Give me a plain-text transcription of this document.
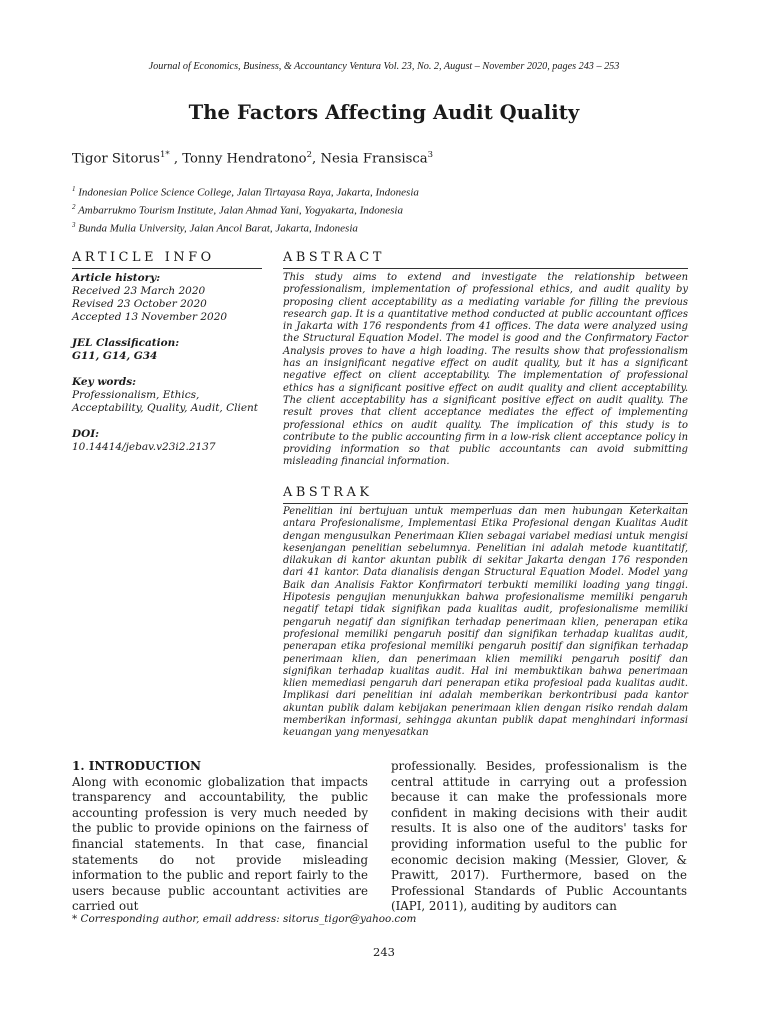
Journal of Economics, Business, & Accountancy Ventura Vol. 23, No. 2, August – November 2020, pages 243 – 253
The Factors Affecting Audit Quality
Tigor Sitorus$^{1*}$ , Tonny Hendratono$^2$, Nesia Fransisca$^3$
$^1$ Indonesian Police Science College, Jalan Tirtayasa Raya, Jakarta, Indonesia
$^2$ Ambarrukmo Tourism Institute, Jalan Ahmad Yani, Yogyakarta, Indonesia
$^3$ Bunda Mulia University, Jalan Ancol Barat, Jakarta, Indonesia
ARTICLE INFO	ABSTRACT
Article history:
Received 23 March 2020
Revised 23 October 2020
Accepted 13 November 2020
JEL Classification:
G11, G14, G34
Key words:
Professionalism, Ethics, Acceptability, Quality, Audit, Client
DOI:
10.14414/jebav.v23i2.2137
This study aims to extend and investigate the relationship between professionalism, implementation of professional ethics, and audit quality by proposing client acceptability as a mediating variable for filling the previous research gap. It is a quantitative method conducted at public accountant offices in Jakarta with 176 respondents from 41 offices. The data were analyzed using the Structural Equation Model. The model is good and the Confirmatory Factor Analysis proves to have a high loading. The results show that professionalism has an insignificant negative effect on audit quality, but it has a significant negative effect on client acceptability. The implementation of professional ethics has a significant positive effect on audit quality and client acceptability. The client acceptability has a significant positive effect on audit quality. The result proves that client acceptance mediates the effect of implementing professional ethics on audit quality. The implication of this study is to contribute to the public accounting firm in a low-risk client acceptance policy in providing information so that public accountants can avoid submitting misleading financial information.
ABSTRAK
Penelitian ini bertujuan untuk memperluas dan men hubungan Keterkaitan antara Profesionalisme, Implementasi Etika Profesional dengan Kualitas Audit dengan mengusulkan Penerimaan Klien sebagai variabel mediasi untuk mengisi kesenjangan penelitian sebelumnya. Penelitian ini adalah metode kuantitatif, dilakukan di kantor akuntan publik di sekitar Jakarta dengan 176 responden dari 41 kantor. Data dianalisis dengan Structural Equation Model. Model yang Baik dan Analisis Faktor Konfirmatori terbukti memiliki loading yang tinggi. Hipotesis pengujian menunjukkan bahwa profesionalisme memiliki pengaruh negatif tetapi tidak signifikan pada kualitas audit, profesionalisme memiliki pengaruh negatif dan signifikan terhadap penerimaan klien, penerapan etika profesional memiliki pengaruh positif dan signifikan terhadap kualitas audit, penerapan etika profesional memiliki pengaruh positif dan signifikan terhadap penerimaan klien, dan penerimaan klien memiliki pengaruh positif dan signifikan terhadap kualitas audit. Hal ini membuktikan bahwa penerimaan klien memediasi pengaruh dari penerapan etika profesioal pada kualitas audit. Implikasi dari penelitian ini adalah memberikan berkontribusi pada kantor akuntan publik dalam kebijakan penerimaan klien dengan risiko rendah dalam memberikan informasi, sehingga akuntan publik dapat menghindari informasi keuangan yang menyesatkan
1. INTRODUCTION
Along with economic globalization that impacts transparency and accountability, the public accounting profession is very much needed by the public to provide opinions on the fairness of financial statements. In that case, financial statements do not provide misleading information to the public and report fairly to the users because public accountant activities are carried out
professionally. Besides, professionalism is the central attitude in carrying out a profession because it can make the professionals more confident in making decisions with their audit results. It is also one of the auditors' tasks for providing information useful to the public for economic decision making (Messier, Glover, & Prawitt, 2017). Furthermore, based on the Professional Standards of Public Accountants (IAPI, 2011), auditing by auditors can
* Corresponding author, email address: sitorus_tigor@yahoo.com
243
